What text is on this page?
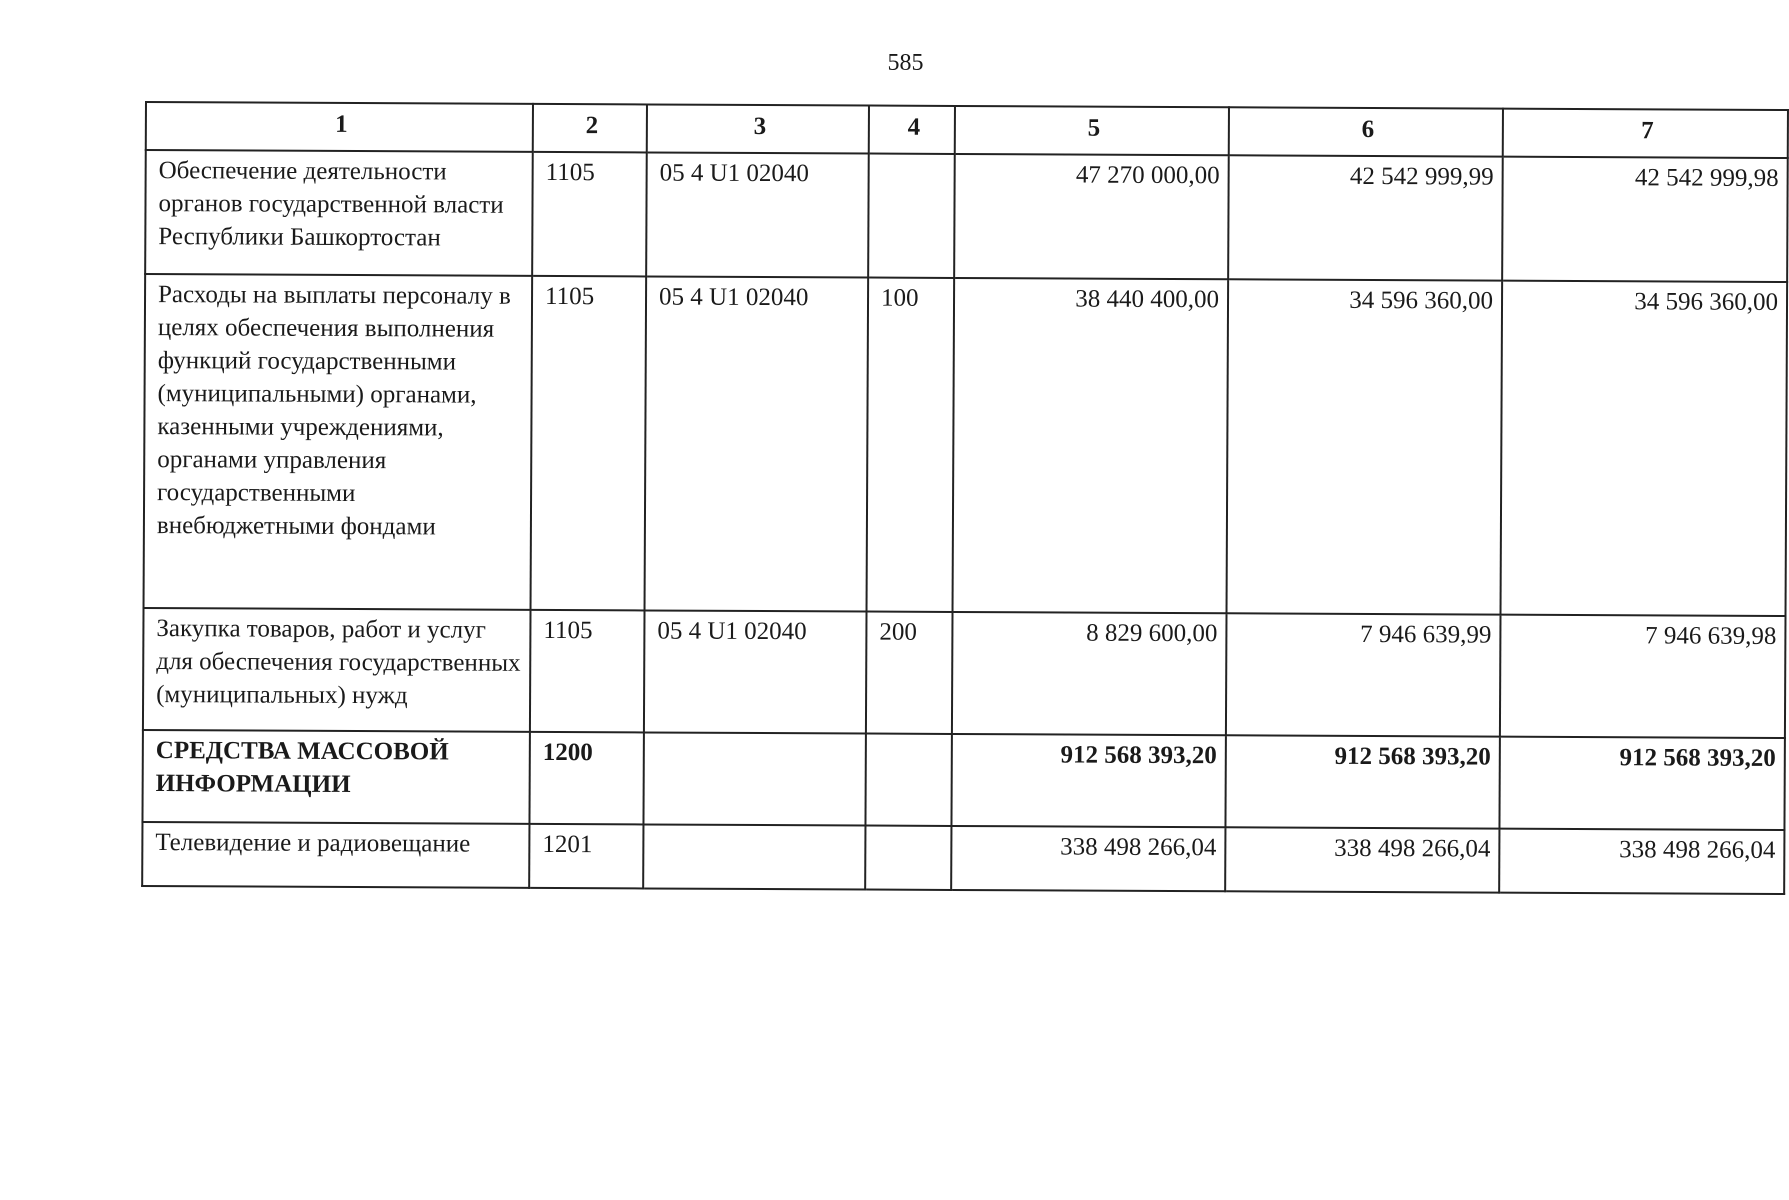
585
1	2	3	4	5	6	7
Обеспечение деятельности органов государственной власти Республики Башкортостан	1105	05 4 U1 02040		47 270 000,00	42 542 999,99	42 542 999,98
Расходы на выплаты персоналу в целях обеспечения выполнения функций государственными (муниципальными) органами, казенными учреждениями, органами управления государственными внебюджетными фондами	1105	05 4 U1 02040	100	38 440 400,00	34 596 360,00	34 596 360,00
Закупка товаров, работ и услуг для обеспечения государственных (муниципальных) нужд	1105	05 4 U1 02040	200	8 829 600,00	7 946 639,99	7 946 639,98
СРЕДСТВА МАССОВОЙ ИНФОРМАЦИИ	1200			912 568 393,20	912 568 393,20	912 568 393,20
Телевидение и радиовещание	1201			338 498 266,04	338 498 266,04	338 498 266,04
